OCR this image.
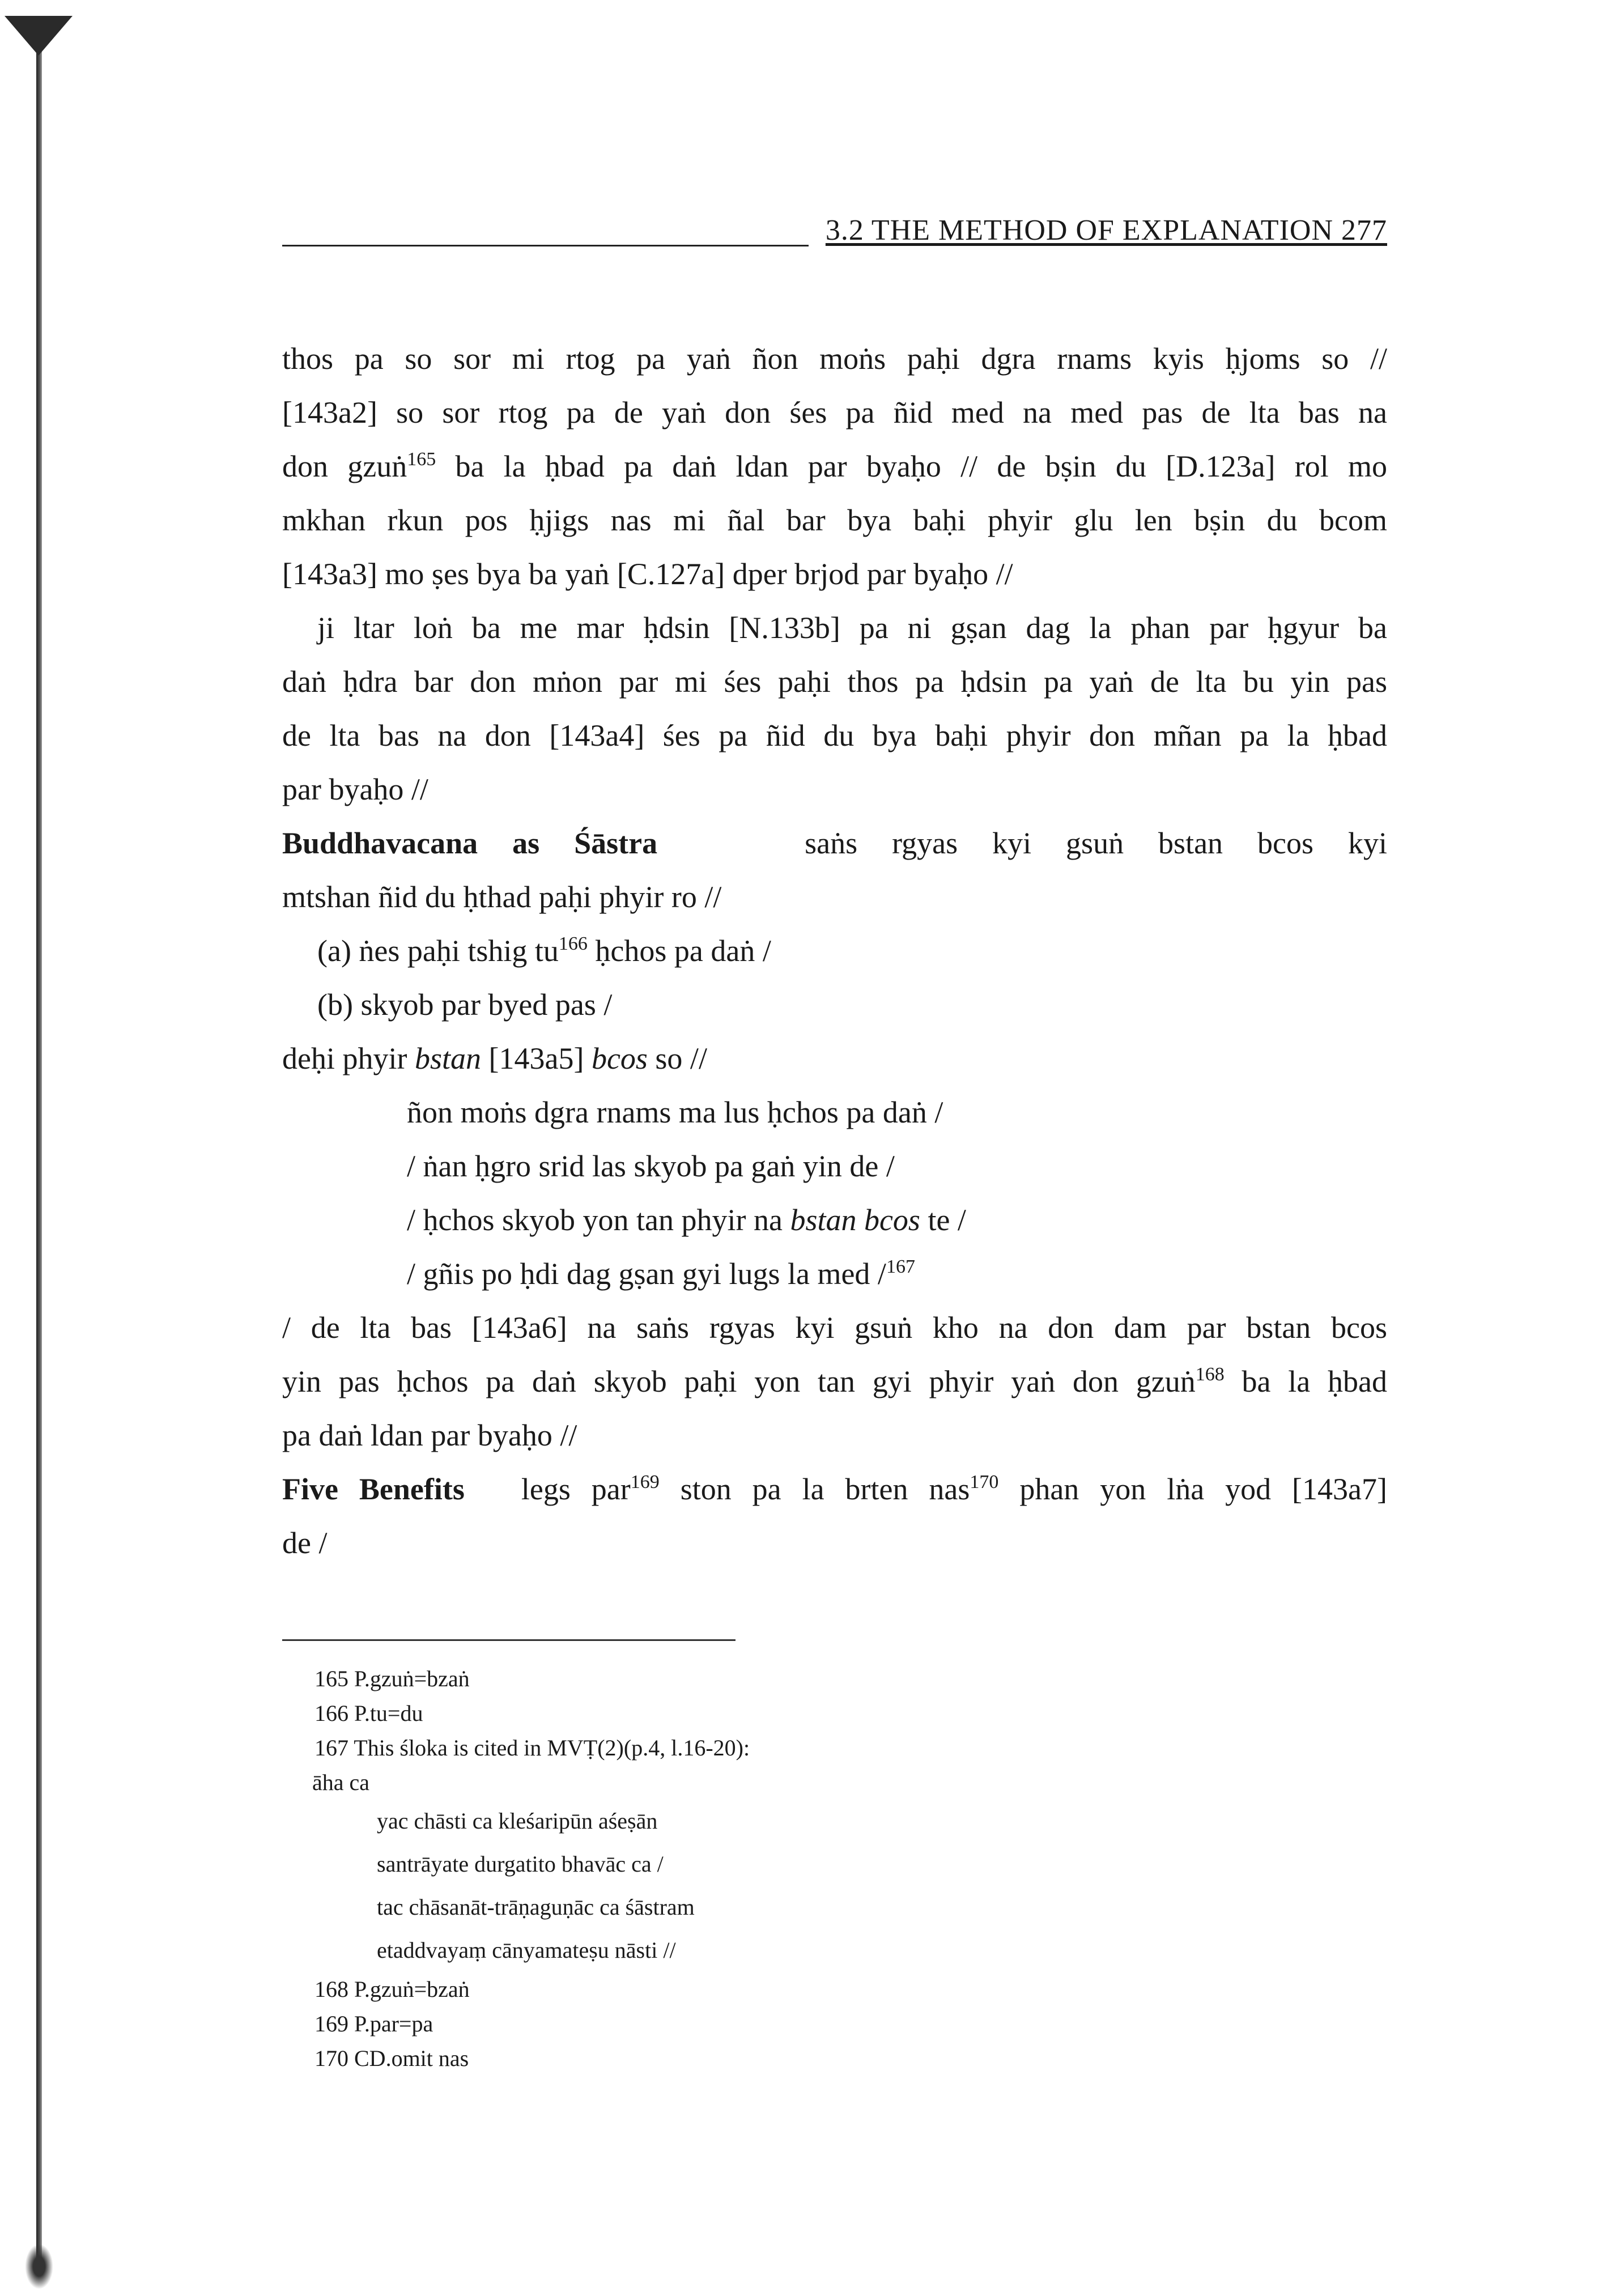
3.2 THE METHOD OF EXPLANATION 277
thos pa so sor mi rtog pa yaṅ ñon moṅs paḥi dgra rnams kyis ḥjoms so //
[143a2] so sor rtog pa de yaṅ don śes pa ñid med na med pas de lta bas na
don gzuṅ$^{165}$ ba la ḥbad pa daṅ ldan par byaḥo // de bṣin du [D.123a] rol mo
mkhan rkun pos ḥjigs nas mi ñal bar bya baḥi phyir glu len bṣin du bcom
[143a3] mo ṣes bya ba yaṅ [C.127a] dper brjod par byaḥo //
ji ltar loṅ ba me mar ḥdsin [N.133b] pa ni gṣan dag la phan par ḥgyur ba
daṅ ḥdra bar don mṅon par mi śes paḥi thos pa ḥdsin pa yaṅ de lta bu yin pas
de lta bas na don [143a4] śes pa ñid du bya baḥi phyir don mñan pa la ḥbad
par byaḥo //
Buddhavacana as Śāstra	saṅs rgyas kyi gsuṅ bstan bcos kyi
mtshan ñid du ḥthad paḥi phyir ro //
(a) ṅes paḥi tshig $tu^{166}$ ḥchos pa daṅ /
(b) skyob par byed pas /
deḥi phyir bstan [143a5] bcos so //
ñon moṅs dgra rnams ma lus ḥchos pa daṅ /
/ ṅan ḥgro srid las skyob pa gaṅ yin de /
/ ḥchos skyob yon tan phyir na bstan bcos te /
/ gñis po ḥdi dag gṣan gyi lugs la med /$^{167}$
/ de lta bas [143a6] na saṅs rgyas kyi gsuṅ kho na don dam par bstan bcos
yin pas ḥchos pa daṅ skyob paḥi yon tan gyi phyir yaṅ don gzuṅ$^{168}$ ba la ḥbad
pa daṅ ldan par byaḥo //
Five Benefits legs par$^{169}$ ston pa la brten nas$^{170}$ phan yon lṅa yod [143a7]
de /
165 P.gzuṅ=bzaṅ
166 P.tu=du
167 This śloka is cited in MVṬ(2)(p.4, l.16-20):
āha ca
yac chāsti ca kleśaripūn aśeṣān
santrāyate durgatito bhavāc ca /
tac chāsanāt-trāṇaguṇāc ca śāstram
etaddvayaṃ cānyamateṣu nāsti //
168 P.gzuṅ=bzaṅ
169 P.par=pa
170 CD.omit nas
